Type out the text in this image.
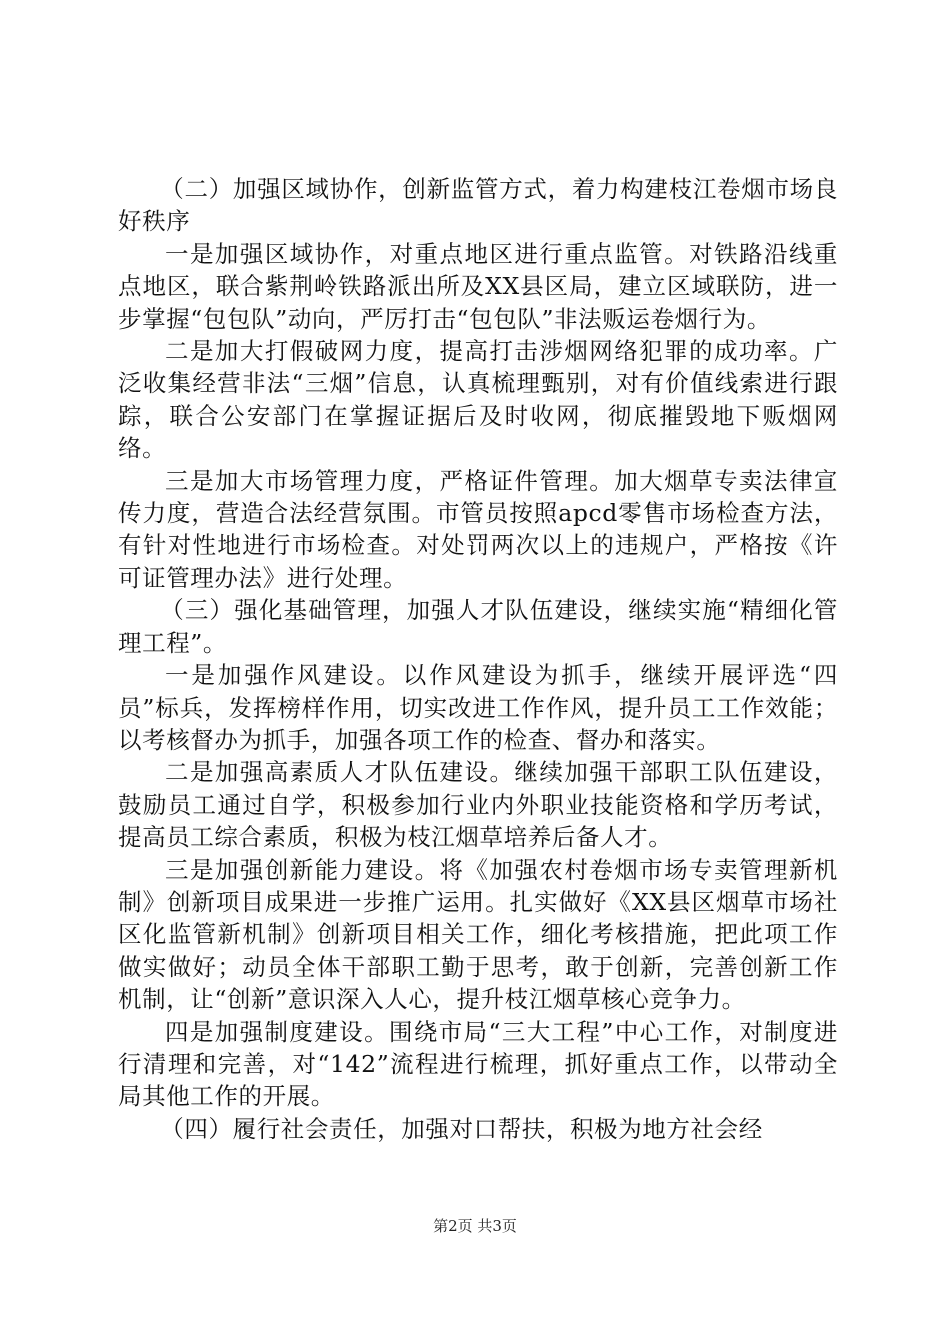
（二）加强区域协作，创新监管方式，着力构建枝江卷烟市场良好秩序

一是加强区域协作，对重点地区进行重点监管。对铁路沿线重点地区，联合紫荆岭铁路派出所及XX县区局，建立区域联防，进一步掌握“包包队”动向，严厉打击“包包队”非法贩运卷烟行为。

二是加大打假破网力度，提高打击涉烟网络犯罪的成功率。广泛收集经营非法“三烟”信息，认真梳理甄别，对有价值线索进行跟踪，联合公安部门在掌握证据后及时收网，彻底摧毁地下贩烟网络。

三是加大市场管理力度，严格证件管理。加大烟草专卖法律宣传力度，营造合法经营氛围。市管员按照apcd零售市场检查方法，有针对性地进行市场检查。对处罚两次以上的违规户，严格按《许可证管理办法》进行处理。

（三）强化基础管理，加强人才队伍建设，继续实施“精细化管理工程”。

一是加强作风建设。以作风建设为抓手，继续开展评选“四员”标兵，发挥榜样作用，切实改进工作作风，提升员工工作效能；以考核督办为抓手，加强各项工作的检查、督办和落实。

二是加强高素质人才队伍建设。继续加强干部职工队伍建设，鼓励员工通过自学，积极参加行业内外职业技能资格和学历考试，提高员工综合素质，积极为枝江烟草培养后备人才。

三是加强创新能力建设。将《加强农村卷烟市场专卖管理新机制》创新项目成果进一步推广运用。扎实做好《XX县区烟草市场社区化监管新机制》创新项目相关工作，细化考核措施，把此项工作做实做好；动员全体干部职工勤于思考，敢于创新，完善创新工作机制，让“创新”意识深入人心，提升枝江烟草核心竞争力。

四是加强制度建设。围绕市局“三大工程”中心工作，对制度进行清理和完善，对“142”流程进行梳理，抓好重点工作，以带动全局其他工作的开展。

（四）履行社会责任，加强对口帮扶，积极为地方社会经

第2页 共3页
